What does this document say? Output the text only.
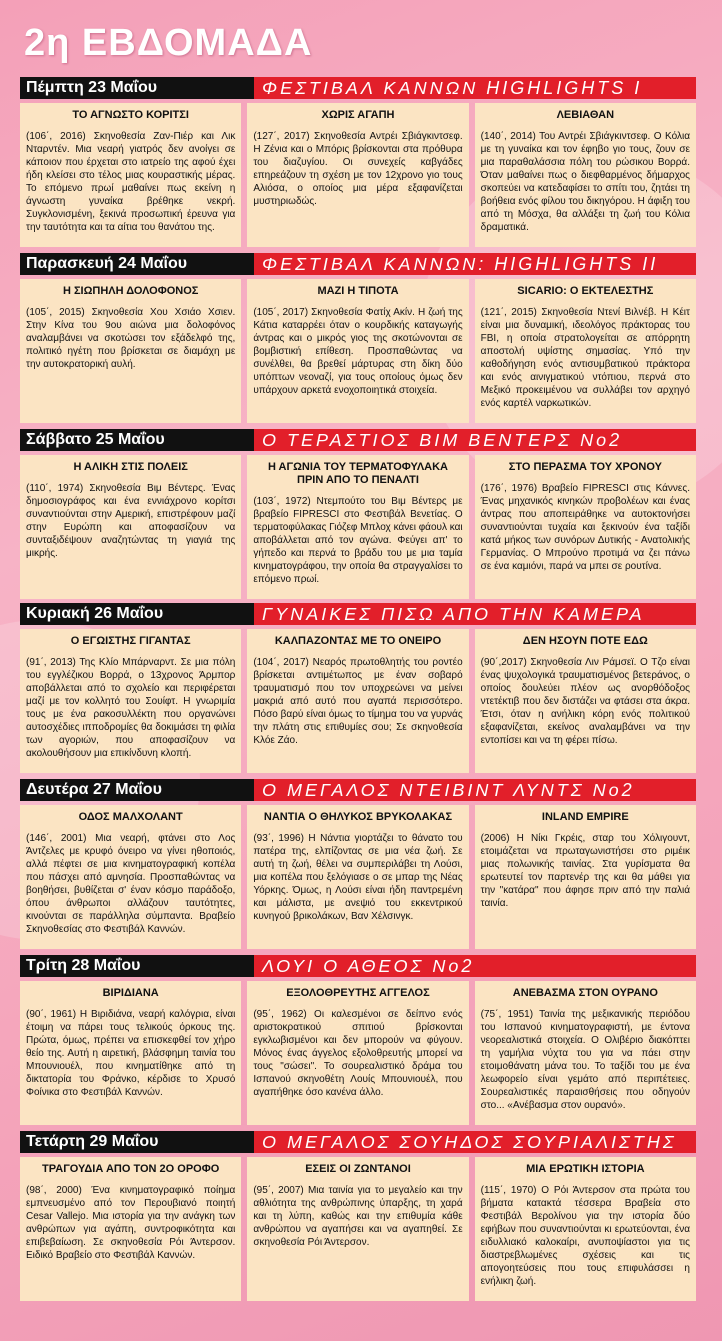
2η ΕΒΔΟΜΑΔΑ
Πέμπτη 23 Μαΐου	ΦΕΣΤΙΒΑΛ ΚΑΝΝΩΝ HIGHLIGHTS I
ΤΟ ΑΓΝΩΣΤΟ ΚΟΡΙΤΣΙ
(106΄, 2016) Σκηνοθεσία Ζαν-Πιέρ και Λικ Νταρντέν. Μια νεαρή γιατρός δεν ανοίγει σε κάποιον που έρχεται στο ιατρείο της αφού έχει ήδη κλείσει στο τέλος μιας κουραστικής μέρας. Το επόμενο πρωί μαθαίνει πως εκείνη η άγνωστη γυναίκα βρέθηκε νεκρή. Συγκλονισμένη, ξεκινά προσωπική έρευνα για την ταυτότητα και τα αίτια του θανάτου της.
ΧΩΡΙΣ ΑΓΑΠΗ
(127΄, 2017) Σκηνοθεσία Αντρέι Σβιάγκιντσεφ. Η Ζένια και ο Μπόρις βρίσκονται στα πρόθυρα του διαζυγίου. Οι συνεχείς καβγάδες επηρεάζουν τη σχέση με τον 12χρονο γιο τους Αλιόσα, ο οποίος μια μέρα εξαφανίζεται μυστηριωδώς.
ΛΕΒΙΑΘΑΝ
(140΄, 2014) Του Αντρέι Σβιάγκιντσεφ. Ο Κόλια με τη γυναίκα και τον έφηβο γιο τους, ζουν σε μια παραθαλάσσια πόλη του ρώσικου Βορρά. Όταν μαθαίνει πως ο διεφθαρμένος δήμαρχος σκοπεύει να κατεδαφίσει το σπίτι του, ζητάει τη βοήθεια ενός φίλου του δικηγόρου. Η άφιξη του από τη Μόσχα, θα αλλάξει τη ζωή του Κόλια δραματικά.
Παρασκευή 24 Μαΐου	ΦΕΣΤΙΒΑΛ ΚΑΝΝΩΝ: HIGHLIGHTS II
Η ΣΙΩΠΗΛΗ ΔΟΛΟΦΟΝΟΣ
(105΄, 2015) Σκηνοθεσία Χου Χσιάο Χσιεν. Στην Κίνα του 9ου αιώνα μια δολοφόνος αναλαμβάνει να σκοτώσει τον εξάδελφό της, πολιτικό ηγέτη που βρίσκεται σε διαμάχη με την αυτοκρατορική αυλή.
ΜΑΖΙ Η ΤΙΠΟΤΑ
(105΄, 2017) Σκηνοθεσία Φατίχ Ακίν. Η ζωή της Κάτια καταρρέει όταν ο κουρδικής καταγωγής άντρας και ο μικρός γιος της σκοτώνονται σε βομβιστική επίθεση. Προσπαθώντας να συνέλθει, θα βρεθεί μάρτυρας στη δίκη δύο υπόπτων νεοναζί, για τους οποίους όμως δεν υπάρχουν αρκετά ενοχοποιητικά στοιχεία.
SICARIO: Ο ΕΚΤΕΛΕΣΤΗΣ
(121΄, 2015) Σκηνοθεσία Ντενί Βιλνέβ. Η Κέιτ είναι μια δυναμική, ιδεολόγος πράκτορας του FBI, η οποία στρατολογείται σε απόρρητη αποστολή υψίστης σημασίας. Υπό την καθοδήγηση ενός αντισυμβατικού πράκτορα και ενός αινιγματικού ντόπιου, περνά στο Μεξικό προκειμένου να συλλάβει τον αρχηγό ενός καρτέλ ναρκωτικών.
Σάββατο 25 Μαΐου	Ο ΤΕΡΑΣΤΙΟΣ ΒΙΜ ΒΕΝΤΕΡΣ Νο2
Η ΑΛΙΚΗ ΣΤΙΣ ΠΟΛΕΙΣ
(110΄, 1974) Σκηνοθεσία Βιμ Βέντερς. Ένας δημοσιογράφος και ένα εννιάχρονο κορίτσι συναντιούνται στην Αμερική, επιστρέφουν μαζί στην Ευρώπη και αποφασίζουν να συνταξιδέψουν αναζητώντας τη γιαγιά της μικρής.
Η ΑΓΩΝΙΑ ΤΟΥ ΤΕΡΜΑΤΟΦΥΛΑΚΑ ΠΡΙΝ ΑΠΟ ΤΟ ΠΕΝΑΛΤΙ
(103΄, 1972) Ντεμπούτο του Βιμ Βέντερς με βραβείο FIPRESCI στο Φεστιβάλ Βενετίας. Ο τερματοφύλακας Γιόζεφ Μπλοχ κάνει φάουλ και αποβάλλεται από τον αγώνα. Φεύγει απ' το γήπεδο και περνά το βράδυ του με μια ταμία κινηματογράφου, την οποία θα στραγγαλίσει το επόμενο πρωί.
ΣΤΟ ΠΕΡΑΣΜΑ ΤΟΥ ΧΡΟΝΟΥ
(176΄, 1976) Βραβείο FIPRESCI στις Κάννες. Ένας μηχανικός κινηκών προβολέων και ένας άντρας που αποπειράθηκε να αυτοκτονήσει συναντιούνται τυχαία και ξεκινούν ένα ταξίδι κατά μήκος των συνόρων Δυτικής - Ανατολικής Γερμανίας. Ο Μπρούνο προτιμά να ζει πάνω σε ένα καμιόνι, παρά να μπει σε ρουτίνα.
Κυριακή 26 Μαΐου	ΓΥΝΑΙΚΕΣ ΠΙΣΩ ΑΠΟ ΤΗΝ ΚΑΜΕΡΑ
Ο ΕΓΩΙΣΤΗΣ ΓΙΓΑΝΤΑΣ
(91΄, 2013) Της Κλίο Μπάρναρντ. Σε μια πόλη του εγγλέζικου Βορρά, ο 13χρονος Άρμπορ αποβάλλεται από το σχολείο και περιφέρεται μαζί με τον κολλητό του Σουίφτ. Η γνωριμία τους με ένα ρακοσυλλέκτη που οργανώνει αυτοσχέδιες ιπποδρομίες θα δοκιμάσει τη φιλία των αγοριών, που αποφασίζουν να ακολουθήσουν μια επικίνδυνη κλοπή.
ΚΑΛΠΑΖΟΝΤΑΣ ΜΕ ΤΟ ΟΝΕΙΡΟ
(104΄, 2017) Νεαρός πρωτοθλητής του ροντέο βρίσκεται αντιμέτωπος με έναν σοβαρό τραυματισμό που τον υποχρεώνει να μείνει μακριά από αυτό που αγαπά περισσότερο. Πόσο βαρύ είναι όμως το τίμημα του να γυρνάς την πλάτη στις επιθυμίες σου; Σε σκηνοθεσία Κλόε Ζάο.
ΔΕΝ ΗΣΟΥΝ ΠΟΤΕ ΕΔΩ
(90΄,2017) Σκηνοθεσία Λιν Ράμσεϊ. Ο Τζο είναι ένας ψυχολογικά τραυματισμένος βετεράνος, ο οποίος δουλεύει πλέον ως ανορθόδοξος ντετέκτιβ που δεν διστάζει να φτάσει στα άκρα. Έτσι, όταν η ανήλικη κόρη ενός πολιτικού εξαφανίζεται, εκείνος αναλαμβάνει να την εντοπίσει και να τη φέρει πίσω.
Δευτέρα 27 Μαΐου	Ο ΜΕΓΑΛΟΣ ΝΤΕΙΒΙΝΤ ΛΥΝΤΣ Νο2
ΟΔΟΣ ΜΑΛΧΟΛΑΝΤ
(146΄, 2001) Μια νεαρή, φτάνει στο Λος Άντζελες με κρυφό όνειρο να γίνει ηθοποιός, αλλά πέφτει σε μια κινηματογραφική κοπέλα που πάσχει από αμνησία. Προσπαθώντας να βοηθήσει, βυθίζεται σ' έναν κόσμο παράδοξο, όπου άνθρωποι αλλάζουν ταυτότητες, κινούνται σε παράλληλα σύμπαντα. Βραβείο Σκηνοθεσίας στο Φεστιβάλ Καννών.
ΝΑΝΤΙΑ Ο ΘΗΛΥΚΟΣ ΒΡΥΚΟΛΑΚΑΣ
(93΄, 1996) Η Νάντια γιορτάζει το θάνατο του πατέρα της, ελπίζοντας σε μια νέα ζωή. Σε αυτή τη ζωή, θέλει να συμπεριλάβει τη Λούσι, μια κοπέλα που ξελόγιασε ο σε μπαρ της Νέας Υόρκης. Όμως, η Λούσι είναι ήδη παντρεμένη και μάλιστα, με ανεψιό του εκκεντρικού κυνηγού βρικολάκων, Βαν Χέλσινγκ.
INLAND EMPIRE
(2006) Η Νίκι Γκρέις, σταρ του Χόλιγουντ, ετοιμάζεται να πρωταγωνιστήσει στο ριμέικ μιας πολωνικής ταινίας. Στα γυρίσματα θα ερωτευτεί τον παρτενέρ της και θα μάθει για την "κατάρα" που άφησε πριν από την παλιά ταινία.
Τρίτη 28 Μαΐου	ΛΟΥΙ Ο ΑΘΕΟΣ Νο2
ΒΙΡΙΔΙΑΝΑ
(90΄, 1961) Η Βιριδιάνα, νεαρή καλόγρια, είναι έτοιμη να πάρει τους τελικούς όρκους της. Πρώτα, όμως, πρέπει να επισκεφθεί τον χήρο θείο της. Αυτή η αιρετική, βλάσφημη ταινία του Μπουνιουέλ, που κινηματίθηκε από τη δικτατορία του Φράνκο, κέρδισε το Χρυσό Φοίνικα στο Φεστιβάλ Καννών.
ΕΞΟΛΟΘΡΕΥΤΗΣ ΑΓΓΕΛΟΣ
(95΄, 1962) Οι καλεσμένοι σε δείπνο ενός αριστοκρατικού σπιτιού βρίσκονται εγκλωβισμένοι και δεν μπορούν να φύγουν. Μόνος ένας άγγελος εξολοθρευτής μπορεί να τους "σώσει". Το σουρεαλιστικό δράμα του Ισπανού σκηνοθέτη Λουίς Μπουνιουέλ, που αγαπήθηκε όσο κανένα άλλο.
ΑΝΕΒΑΣΜΑ ΣΤΟΝ ΟΥΡΑΝΟ
(75΄, 1951) Ταινία της μεξικανικής περιόδου του Ισπανού κινηματογραφιστή, με έντονα νεορεαλιστικά στοιχεία. Ο Ολιβέριο διακόπτει τη γαμήλια νύχτα του για να πάει στην ετοιμοθάνατη μάνα του. Το ταξίδι του με ένα λεωφορείο είναι γεμάτο από περιπέτειες. Σουρεαλιστικές παραισθήσεις που οδηγούν στο... «Ανέβασμα στον ουρανό».
Τετάρτη 29 Μαΐου	Ο ΜΕΓΑΛΟΣ ΣΟΥΗΔΟΣ ΣΟΥΡΙΑΛΙΣΤΗΣ
ΤΡΑΓΟΥΔΙΑ ΑΠΟ ΤΟΝ 2Ο ΟΡΟΦΟ
(98΄, 2000) Ένα κινηματογραφικό ποίημα εμπνευσμένο από τον Περουβιανό ποιητή Cesar Vallejo. Μια ιστορία για την ανάγκη των ανθρώπων για αγάπη, συντροφικότητα και επιβεβαίωση. Σε σκηνοθεσία Ρόι Άντερσον. Ειδικό Βραβείο στο Φεστιβάλ Καννών.
ΕΣΕΙΣ ΟΙ ΖΩΝΤΑΝΟΙ
(95΄, 2007) Μια ταινία για το μεγαλείο και την αθλιότητα της ανθρώπινης ύπαρξης, τη χαρά και τη λύπη, καθώς και την επιθυμία κάθε ανθρώπου να αγαπήσει και να αγαπηθεί. Σε σκηνοθεσία Ρόι Άντερσον.
ΜΙΑ ΕΡΩΤΙΚΗ ΙΣΤΟΡΙΑ
(115΄, 1970) Ο Ρόι Άντερσον στα πρώτα του βήματα κατακτά τέσσερα Βραβεία στο Φεστιβάλ Βερολίνου για την ιστορία δύο εφήβων που συναντιούνται κι ερωτεύονται, ένα ειδυλλιακό καλοκαίρι, ανυποψίαστοι για τις διαστρεβλωμένες σχέσεις και τις απογοητεύσεις που τους επιφυλάσσει η ενήλικη ζωή.
